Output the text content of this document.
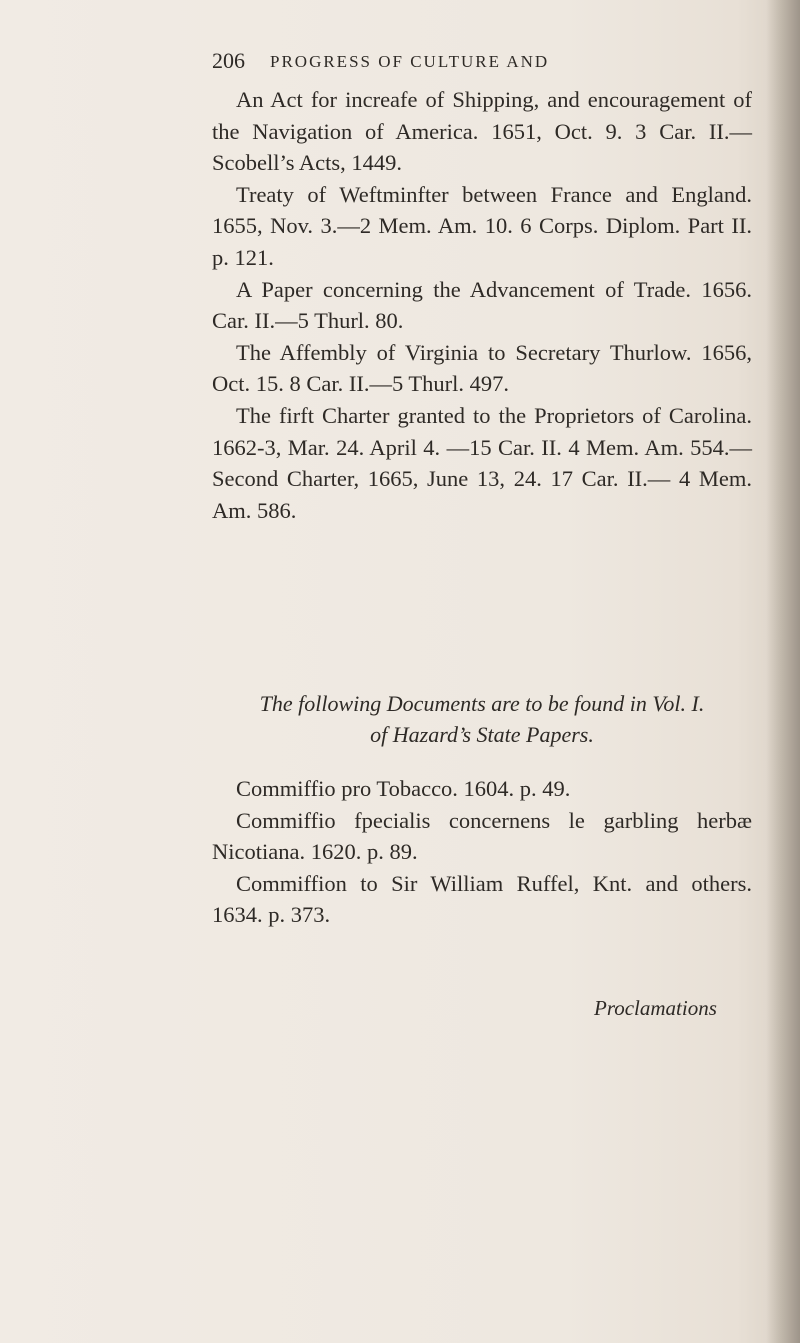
206 PROGRESS OF CULTURE AND

An Act for increafe of Shipping, and encouragement of the Navigation of America. 1651, Oct. 9. 3 Car. II.—Scobell’s Acts, 1449.

Treaty of Weftminfter between France and England. 1655, Nov. 3.—2 Mem. Am. 10. 6 Corps. Diplom. Part II. p. 121.

A Paper concerning the Advancement of Trade. 1656. Car. II.—5 Thurl. 80.

The Affembly of Virginia to Secretary Thurlow. 1656, Oct. 15. 8 Car. II.—5 Thurl. 497.

The firft Charter granted to the Proprietors of Carolina. 1662-3, Mar. 24. April 4. —15 Car. II. 4 Mem. Am. 554.—Second Charter, 1665, June 13, 24. 17 Car. II.— 4 Mem. Am. 586.

The following Documents are to be found in Vol. I.
of Hazard’s State Papers.

Commiffio pro Tobacco. 1604. p. 49.

Commiffio fpecialis concernens le garbling herbæ Nicotiana. 1620. p. 89.

Commiffion to Sir William Ruffel, Knt. and others. 1634. p. 373.

Proclamations
